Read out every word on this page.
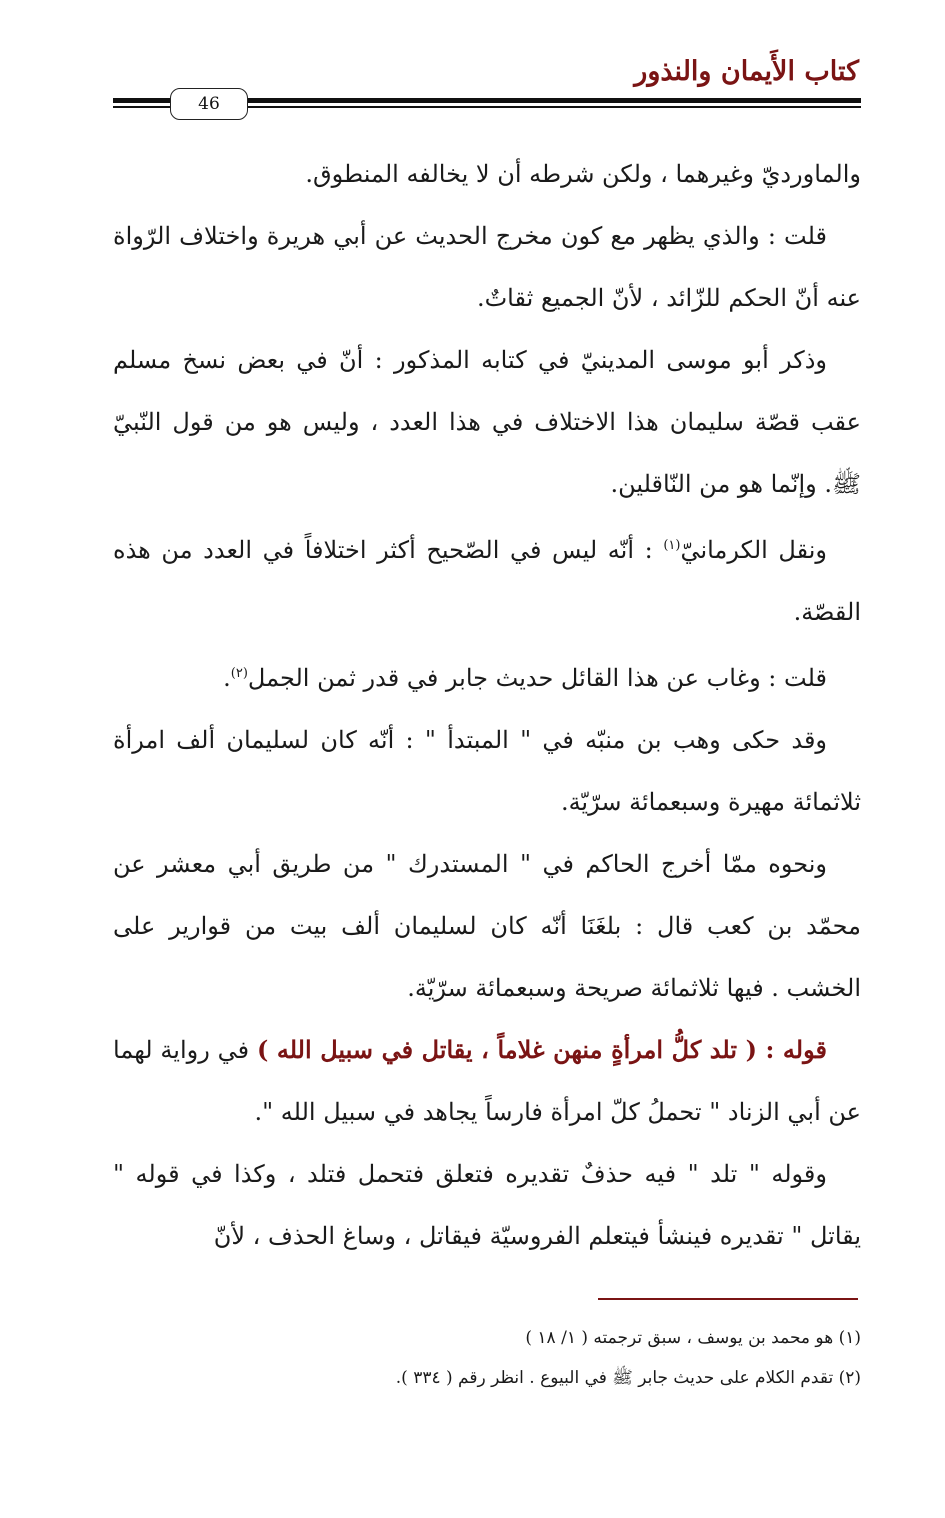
كتاب الأَيمان والنذور
46

والماورديّ وغيرهما ، ولكن شرطه أن لا يخالفه المنطوق.

قلت : والذي يظهر مع كون مخرج الحديث عن أبي هريرة واختلاف الرّواة عنه أنّ الحكم للزّائد ، لأنّ الجميع ثقاتٌ.

وذكر أبو موسى المدينيّ في كتابه المذكور : أنّ في بعض نسخ مسلم عقب قصّة سليمان هذا الاختلاف في هذا العدد ، وليس هو من قول النّبيّ ﷺ. وإنّما هو من النّاقلين.

ونقل الكرمانيّ$^{(١)}$ : أنّه ليس في الصّحيح أكثر اختلافاً في العدد من هذه القصّة.

قلت : وغاب عن هذا القائل حديث جابر في قدر ثمن الجمل$^{(٢)}$.

وقد حكى وهب بن منبّه في " المبتدأ " : أنّه كان لسليمان ألف امرأة ثلاثمائة مهيرة وسبعمائة سرّيّة.

ونحوه ممّا أخرج الحاكم في " المستدرك " من طريق أبي معشر عن محمّد بن كعب قال : بلغَنَا أنّه كان لسليمان ألف بيت من قوارير على الخشب . فيها ثلاثمائة صريحة وسبعمائة سرّيّة.

قوله : ( تلد كلُّ امرأةٍ منهن غلاماً ، يقاتل في سبيل الله ) في رواية لهما عن أبي الزناد " تحملُ كلّ امرأة فارساً يجاهد في سبيل الله ".

وقوله " تلد " فيه حذفٌ تقديره فتعلق فتحمل فتلد ، وكذا في قوله " يقاتل " تقديره فينشأ فيتعلم الفروسيّة فيقاتل ، وساغ الحذف ، لأنّ

(١) هو محمد بن يوسف ، سبق ترجمته ( ١/ ١٨ )

(٢) تقدم الكلام على حديث جابر ﷺ في البيوع . انظر رقم ( ٣٣٤ ).
